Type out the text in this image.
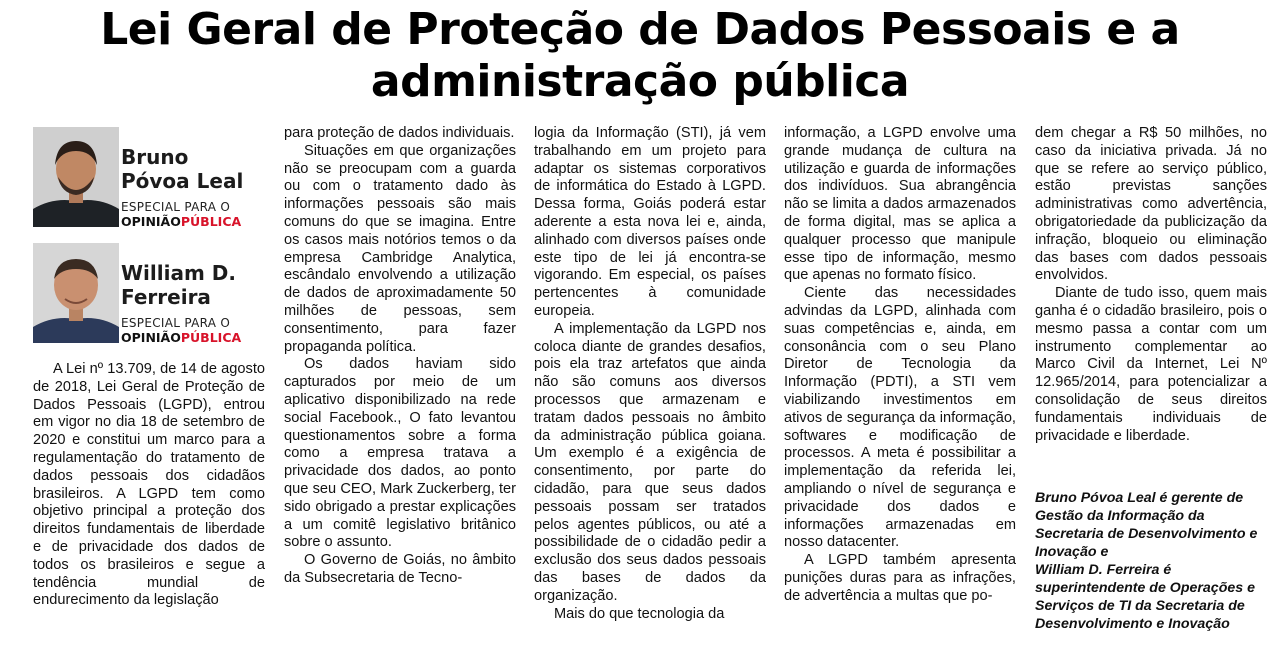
Lei Geral de Proteção de Dados Pessoais e a
administração pública
Bruno
Póvoa Leal
ESPECIAL PARA O
OPINIÃOPÚBLICA
William D.
Ferreira
ESPECIAL PARA O
OPINIÃOPÚBLICA

A Lei nº 13.709, de 14 de agosto de 2018, Lei Geral de Proteção de Dados Pessoais (LGPD), entrou em vigor no dia 18 de setembro de 2020 e constitui um marco para a regulamentação do tratamento de dados pessoais dos cidadãos brasileiros. A LGPD tem como objetivo principal a proteção dos direitos fundamentais de liberdade e de privacidade dos dados de todos os brasileiros e segue a tendência mundial de endurecimento da legislação

para proteção de dados individuais.

Situações em que organizações não se preocupam com a guarda ou com o tratamento dado às informações pessoais são mais comuns do que se imagina. Entre os casos mais notórios temos o da empresa Cambridge Analytica, escândalo envolvendo a utilização de dados de aproximadamente 50 milhões de pessoas, sem consentimento, para fazer propaganda política.

Os dados haviam sido capturados por meio de um aplicativo disponibilizado na rede social Facebook., O fato levantou questionamentos sobre a forma como a empresa tratava a privacidade dos dados, ao ponto que seu CEO, Mark Zuckerberg, ter sido obrigado a prestar explicações a um comitê legislativo britânico sobre o assunto.

O Governo de Goiás, no âmbito da Subsecretaria de Tecno-

logia da Informação (STI), já vem trabalhando em um projeto para adaptar os sistemas corporativos de informática do Estado à LGPD. Dessa forma, Goiás poderá estar aderente a esta nova lei e, ainda, alinhado com diversos países onde este tipo de lei já encontra-se vigorando. Em especial, os países pertencentes à comunidade europeia.

A implementação da LGPD nos coloca diante de grandes desafios, pois ela traz artefatos que ainda não são comuns aos diversos processos que armazenam e tratam dados pessoais no âmbito da administração pública goiana. Um exemplo é a exigência de consentimento, por parte do cidadão, para que seus dados pessoais possam ser tratados pelos agentes públicos, ou até a possibilidade de o cidadão pedir a exclusão dos seus dados pessoais das bases de dados da organização.

Mais do que tecnologia da

informação, a LGPD envolve uma grande mudança de cultura na utilização e guarda de informações dos indivíduos. Sua abrangência não se limita a dados armazenados de forma digital, mas se aplica a qualquer processo que manipule esse tipo de informação, mesmo que apenas no formato físico.

Ciente das necessidades advindas da LGPD, alinhada com suas competências e, ainda, em consonância com o seu Plano Diretor de Tecnologia da Informação (PDTI), a STI vem viabilizando investimentos em ativos de segurança da informação, softwares e modificação de processos. A meta é possibilitar a implementação da referida lei, ampliando o nível de segurança e privacidade dos dados e informações armazenadas em nosso datacenter.

A LGPD também apresenta punições duras para as infrações, de advertência a multas que po-

dem chegar a R$ 50 milhões, no caso da iniciativa privada. Já no que se refere ao serviço público, estão previstas sanções administrativas como advertência, obrigatoriedade da publicização da infração, bloqueio ou eliminação das bases com dados pessoais envolvidos.

Diante de tudo isso, quem mais ganha é o cidadão brasileiro, pois o mesmo passa a contar com um instrumento complementar ao Marco Civil da Internet, Lei Nº 12.965/2014, para potencializar a consolidação de seus direitos fundamentais individuais de privacidade e liberdade.

Bruno Póvoa Leal é gerente de Gestão da Informação da Secretaria de Desenvolvimento e Inovação e
William D. Ferreira é superintendente de Operações e Serviços de TI da Secretaria de Desenvolvimento e Inovação
